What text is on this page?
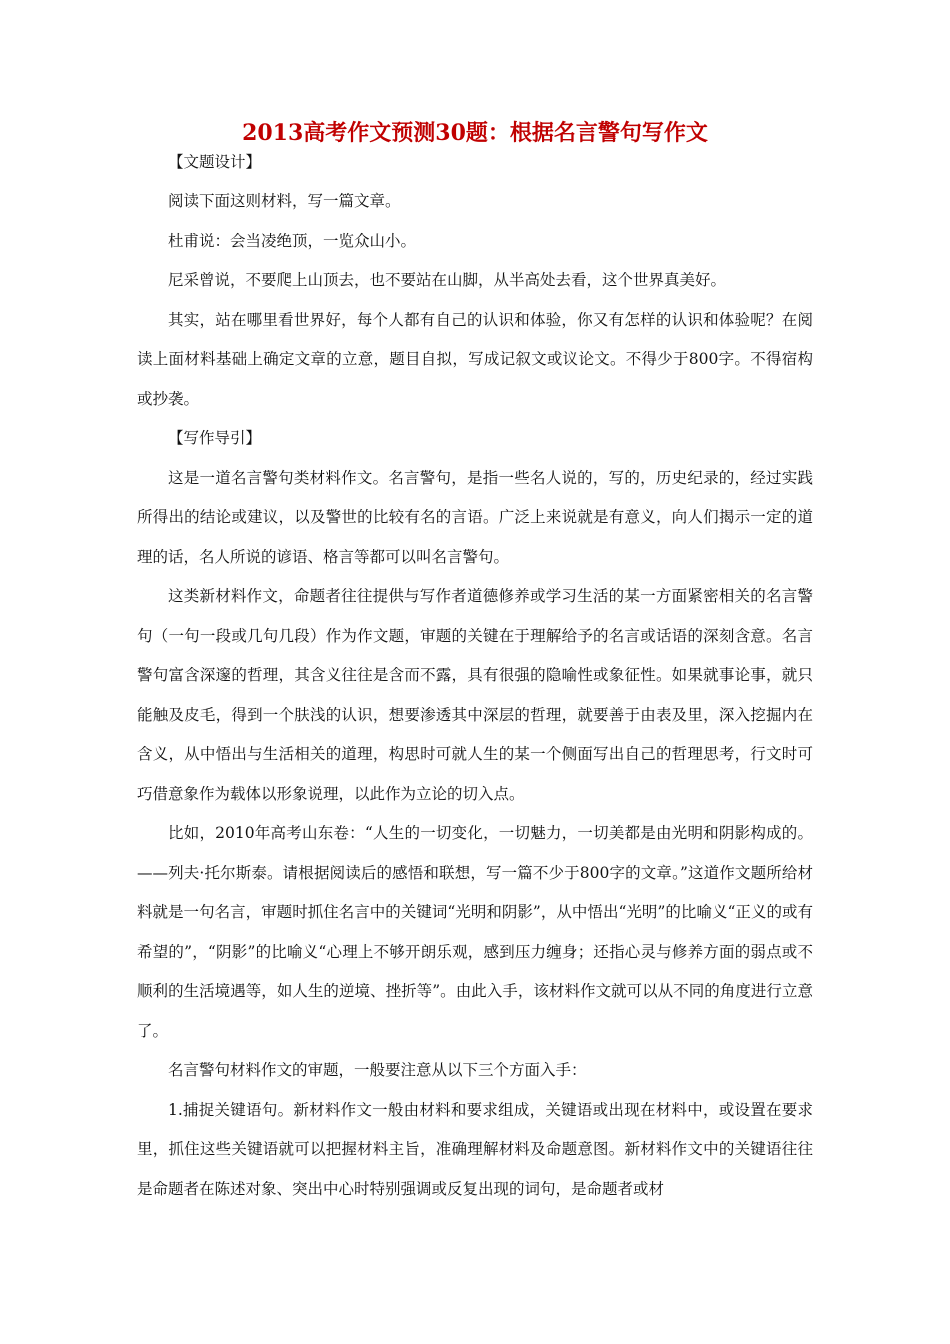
2013高考作文预测30题：根据名言警句写作文

【文题设计】

阅读下面这则材料，写一篇文章。

杜甫说：会当凌绝顶，一览众山小。

尼采曾说，不要爬上山顶去，也不要站在山脚，从半高处去看，这个世界真美好。

其实，站在哪里看世界好，每个人都有自己的认识和体验，你又有怎样的认识和体验呢？在阅读上面材料基础上确定文章的立意，题目自拟，写成记叙文或议论文。不得少于800字。不得宿构或抄袭。

【写作导引】

这是一道名言警句类材料作文。名言警句，是指一些名人说的，写的，历史纪录的，经过实践所得出的结论或建议，以及警世的比较有名的言语。广泛上来说就是有意义，向人们揭示一定的道理的话，名人所说的谚语、格言等都可以叫名言警句。

这类新材料作文，命题者往往提供与写作者道德修养或学习生活的某一方面紧密相关的名言警句（一句一段或几句几段）作为作文题，审题的关键在于理解给予的名言或话语的深刻含意。名言警句富含深邃的哲理，其含义往往是含而不露，具有很强的隐喻性或象征性。如果就事论事，就只能触及皮毛，得到一个肤浅的认识，想要渗透其中深层的哲理，就要善于由表及里，深入挖掘内在含义，从中悟出与生活相关的道理，构思时可就人生的某一个侧面写出自己的哲理思考，行文时可巧借意象作为载体以形象说理，以此作为立论的切入点。

比如，2010年高考山东卷：“人生的一切变化，一切魅力，一切美都是由光明和阴影构成的。——列夫·托尔斯泰。请根据阅读后的感悟和联想，写一篇不少于800字的文章。”这道作文题所给材料就是一句名言，审题时抓住名言中的关键词“光明和阴影”，从中悟出“光明”的比喻义“正义的或有希望的”，“阴影”的比喻义“心理上不够开朗乐观，感到压力缠身；还指心灵与修养方面的弱点或不顺利的生活境遇等，如人生的逆境、挫折等”。由此入手，该材料作文就可以从不同的角度进行立意了。

名言警句材料作文的审题，一般要注意从以下三个方面入手：

1.捕捉关键语句。新材料作文一般由材料和要求组成，关键语或出现在材料中，或设置在要求里，抓住这些关键语就可以把握材料主旨，准确理解材料及命题意图。新材料作文中的关键语往往是命题者在陈述对象、突出中心时特别强调或反复出现的词句，是命题者或材
